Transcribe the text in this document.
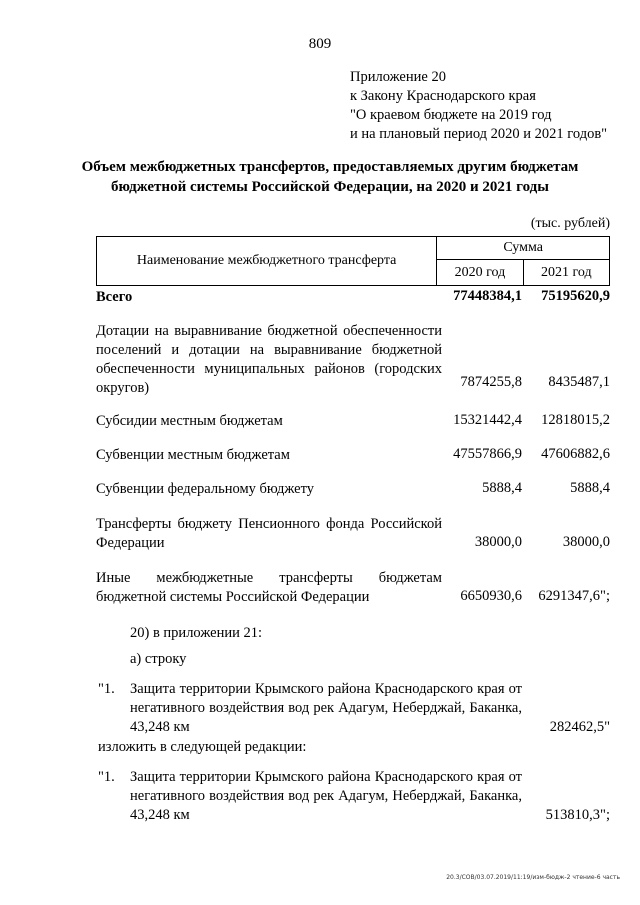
809
Приложение 20
к Закону Краснодарского края
"О краевом бюджете на 2019 год
и на плановый период 2020 и 2021 годов"
Объем межбюджетных трансфертов, предоставляемых другим бюджетам
бюджетной системы Российской Федерации, на 2020 и 2021 годы
(тыс. рублей)
Наименование межбюджетного трансферта	Сумма	
	2020 год	2021 год
Всего	77448384,1	75195620,9
Дотации на выравнивание бюджетной обеспеченности поселений и дотации на выравнивание бюджетной обеспеченности муниципальных районов (городских округов)	7874255,8	8435487,1
Субсидии местным бюджетам	15321442,4	12818015,2
Субвенции местным бюджетам	47557866,9	47606882,6
Субвенции федеральному бюджету	5888,4	5888,4
Трансферты бюджету Пенсионного фонда Российской Федерации	38000,0	38000,0
Иные межбюджетные трансферты бюджетам бюджетной системы Российской Федерации	6650930,6	6291347,6";
20) в приложении 21:
а) строку
"1. Защита территории Крымского района Краснодарского края от негативного воздействия вод рек Адагум, Неберджай, Баканка, 43,248 км	282462,5"
изложить в следующей редакции:
"1. Защита территории Крымского района Краснодарского края от негативного воздействия вод рек Адагум, Неберджай, Баканка, 43,248 км	513810,3";
20.3/СОВ/03.07.2019/11:19/изм-бюдж-2 чтение-6 часть
